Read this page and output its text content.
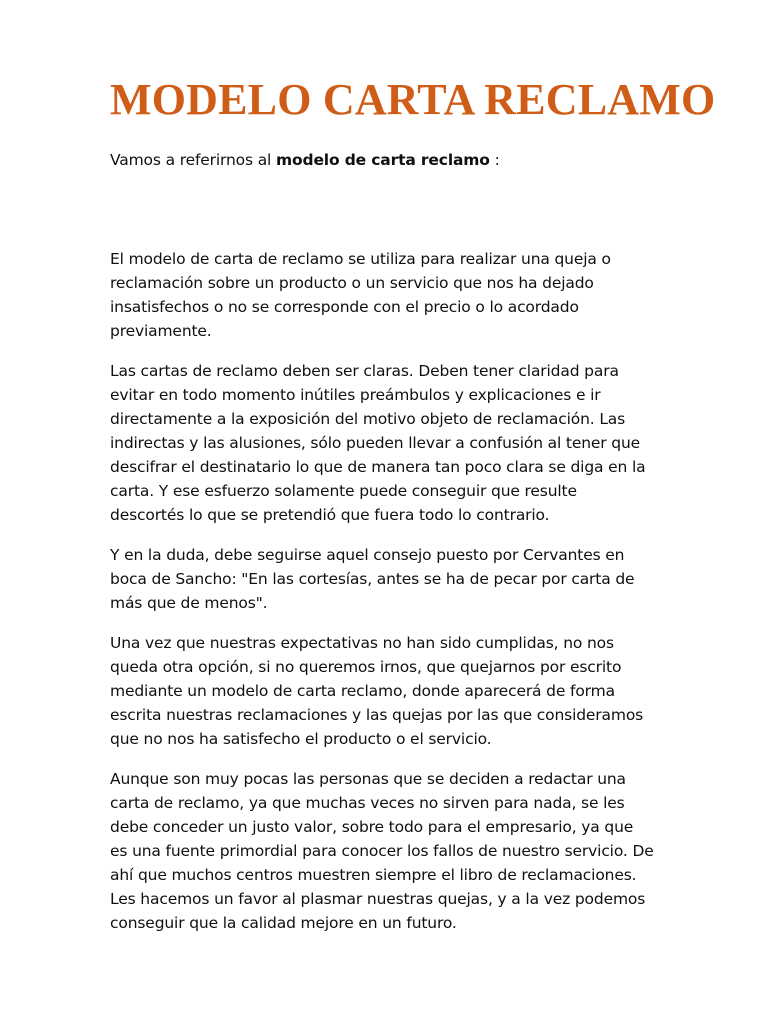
MODELO CARTA RECLAMO

Vamos a referirnos al modelo de carta reclamo :

El modelo de carta de reclamo se utiliza para realizar una queja o reclamación sobre un producto o un servicio que nos ha dejado insatisfechos o no se corresponde con el precio o lo acordado previamente.

Las cartas de reclamo deben ser claras. Deben tener claridad para evitar en todo momento inútiles preámbulos y explicaciones e ir directamente a la exposición del motivo objeto de reclamación. Las indirectas y las alusiones, sólo pueden llevar a confusión al tener que descifrar el destinatario lo que de manera tan poco clara se diga en la carta. Y ese esfuerzo solamente puede conseguir que resulte descortés lo que se pretendió que fuera todo lo contrario.

Y en la duda, debe seguirse aquel consejo puesto por Cervantes en boca de Sancho: "En las cortesías, antes se ha de pecar por carta de más que de menos".

Una vez que nuestras expectativas no han sido cumplidas, no nos queda otra opción, si no queremos irnos, que quejarnos por escrito mediante un modelo de carta reclamo, donde aparecerá de forma escrita nuestras reclamaciones y las quejas por las que consideramos que no nos ha satisfecho el producto o el servicio.

Aunque son muy pocas las personas que se deciden a redactar una carta de reclamo, ya que muchas veces no sirven para nada, se les debe conceder un justo valor, sobre todo para el empresario, ya que es una fuente primordial para conocer los fallos de nuestro servicio. De ahí que muchos centros muestren siempre el libro de reclamaciones. Les hacemos un favor al plasmar nuestras quejas, y a la vez podemos conseguir que la calidad mejore en un futuro.
